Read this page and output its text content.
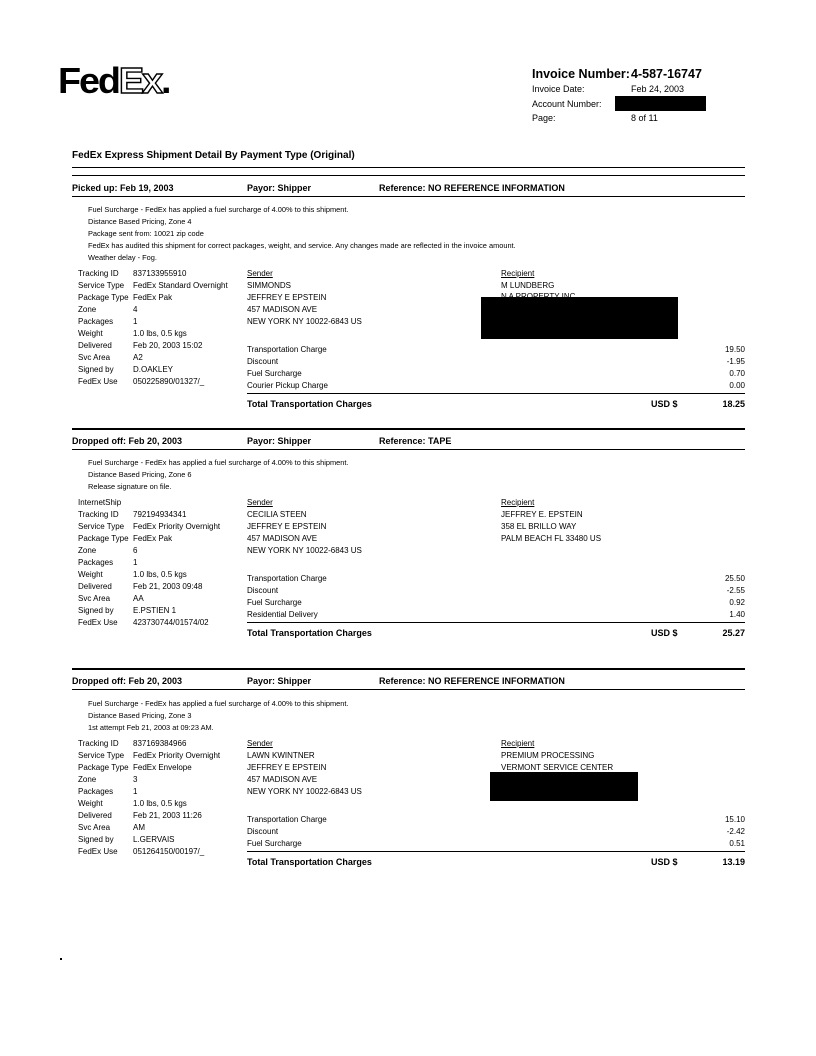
FedEx.	Invoice Number: 4-587-16747
Invoice Date:	Feb 24, 2003
Account Number:
Page:	8 of 11
FedEx Express Shipment Detail By Payment Type (Original)
Picked up: Feb 19, 2003	Payor: Shipper	Reference: NO REFERENCE INFORMATION
Fuel Surcharge - FedEx has applied a fuel surcharge of 4.00% to this shipment.
Distance Based Pricing, Zone 4
Package sent from: 10021 zip code
FedEx has audited this shipment for correct packages, weight, and service. Any changes made are reflected in the invoice amount.
Weather delay - Fog.
Tracking ID 837133955910
Service Type FedEx Standard Overnight
Package Type FedEx Pak
Zone	4
Packages 1
Weight	1.0 lbs, 0.5 kgs
Delivered	Feb 20, 2003 15:02
Svc Area	A2
Signed by D.OAKLEY
FedEx Use 050225890/01327/_
Sender
SIMMONDS
JEFFREY E EPSTEIN
457 MADISON AVE
NEW YORK NY 10022-6843 US
Recipient
M LUNDBERG
Transportation Charge	19.50
Discount	-1.95
Fuel Surcharge	0.70
Courier Pickup Charge	0.00
Total Transportation Charges	USD $	18.25
Dropped off: Feb 20, 2003	Payor: Shipper	Reference: TAPE
Fuel Surcharge - FedEx has applied a fuel surcharge of 4.00% to this shipment.
Distance Based Pricing, Zone 6
Release signature on file.
InternetShip
Tracking ID 792194934341
Service Type FedEx Priority Overnight
Package Type FedEx Pak
Zone	6
Packages 1
Weight	1.0 lbs, 0.5 kgs
Delivered	Feb 21, 2003 09:48
Svc Area	AA
Signed by E.PSTIEN 1
FedEx Use 423730744/01574/02
Sender
CECILIA STEEN
JEFFREY E EPSTEIN
457 MADISON AVE
NEW YORK NY 10022-6843 US
Recipient
JEFFREY E. EPSTEIN
358 EL BRILLO WAY
PALM BEACH FL 33480 US
Transportation Charge	25.50
Discount	-2.55
Fuel Surcharge	0.92
Residential Delivery	1.40
Total Transportation Charges	USD $	25.27
Dropped off: Feb 20, 2003	Payor: Shipper	Reference: NO REFERENCE INFORMATION
Fuel Surcharge - FedEx has applied a fuel surcharge of 4.00% to this shipment.
Distance Based Pricing, Zone 3
1st attempt Feb 21, 2003 at 09:23 AM.
Tracking ID 837169384966
Service Type FedEx Priority Overnight
Package Type FedEx Envelope
Zone	3
Packages 1
Weight	1.0 lbs, 0.5 kgs
Delivered	Feb 21, 2003 11:26
Svc Area	AM
Signed by L.GERVAIS
FedEx Use 051264150/00197/_
Sender
LAWN KWINTNER
JEFFREY E EPSTEIN
457 MADISON AVE
NEW YORK NY 10022-6843 US
Recipient
PREMIUM PROCESSING
VERMONT SERVICE CENTER
Transportation Charge	15.10
Discount	-2.42
Fuel Surcharge	0.51
Total Transportation Charges	USD $	13.19
